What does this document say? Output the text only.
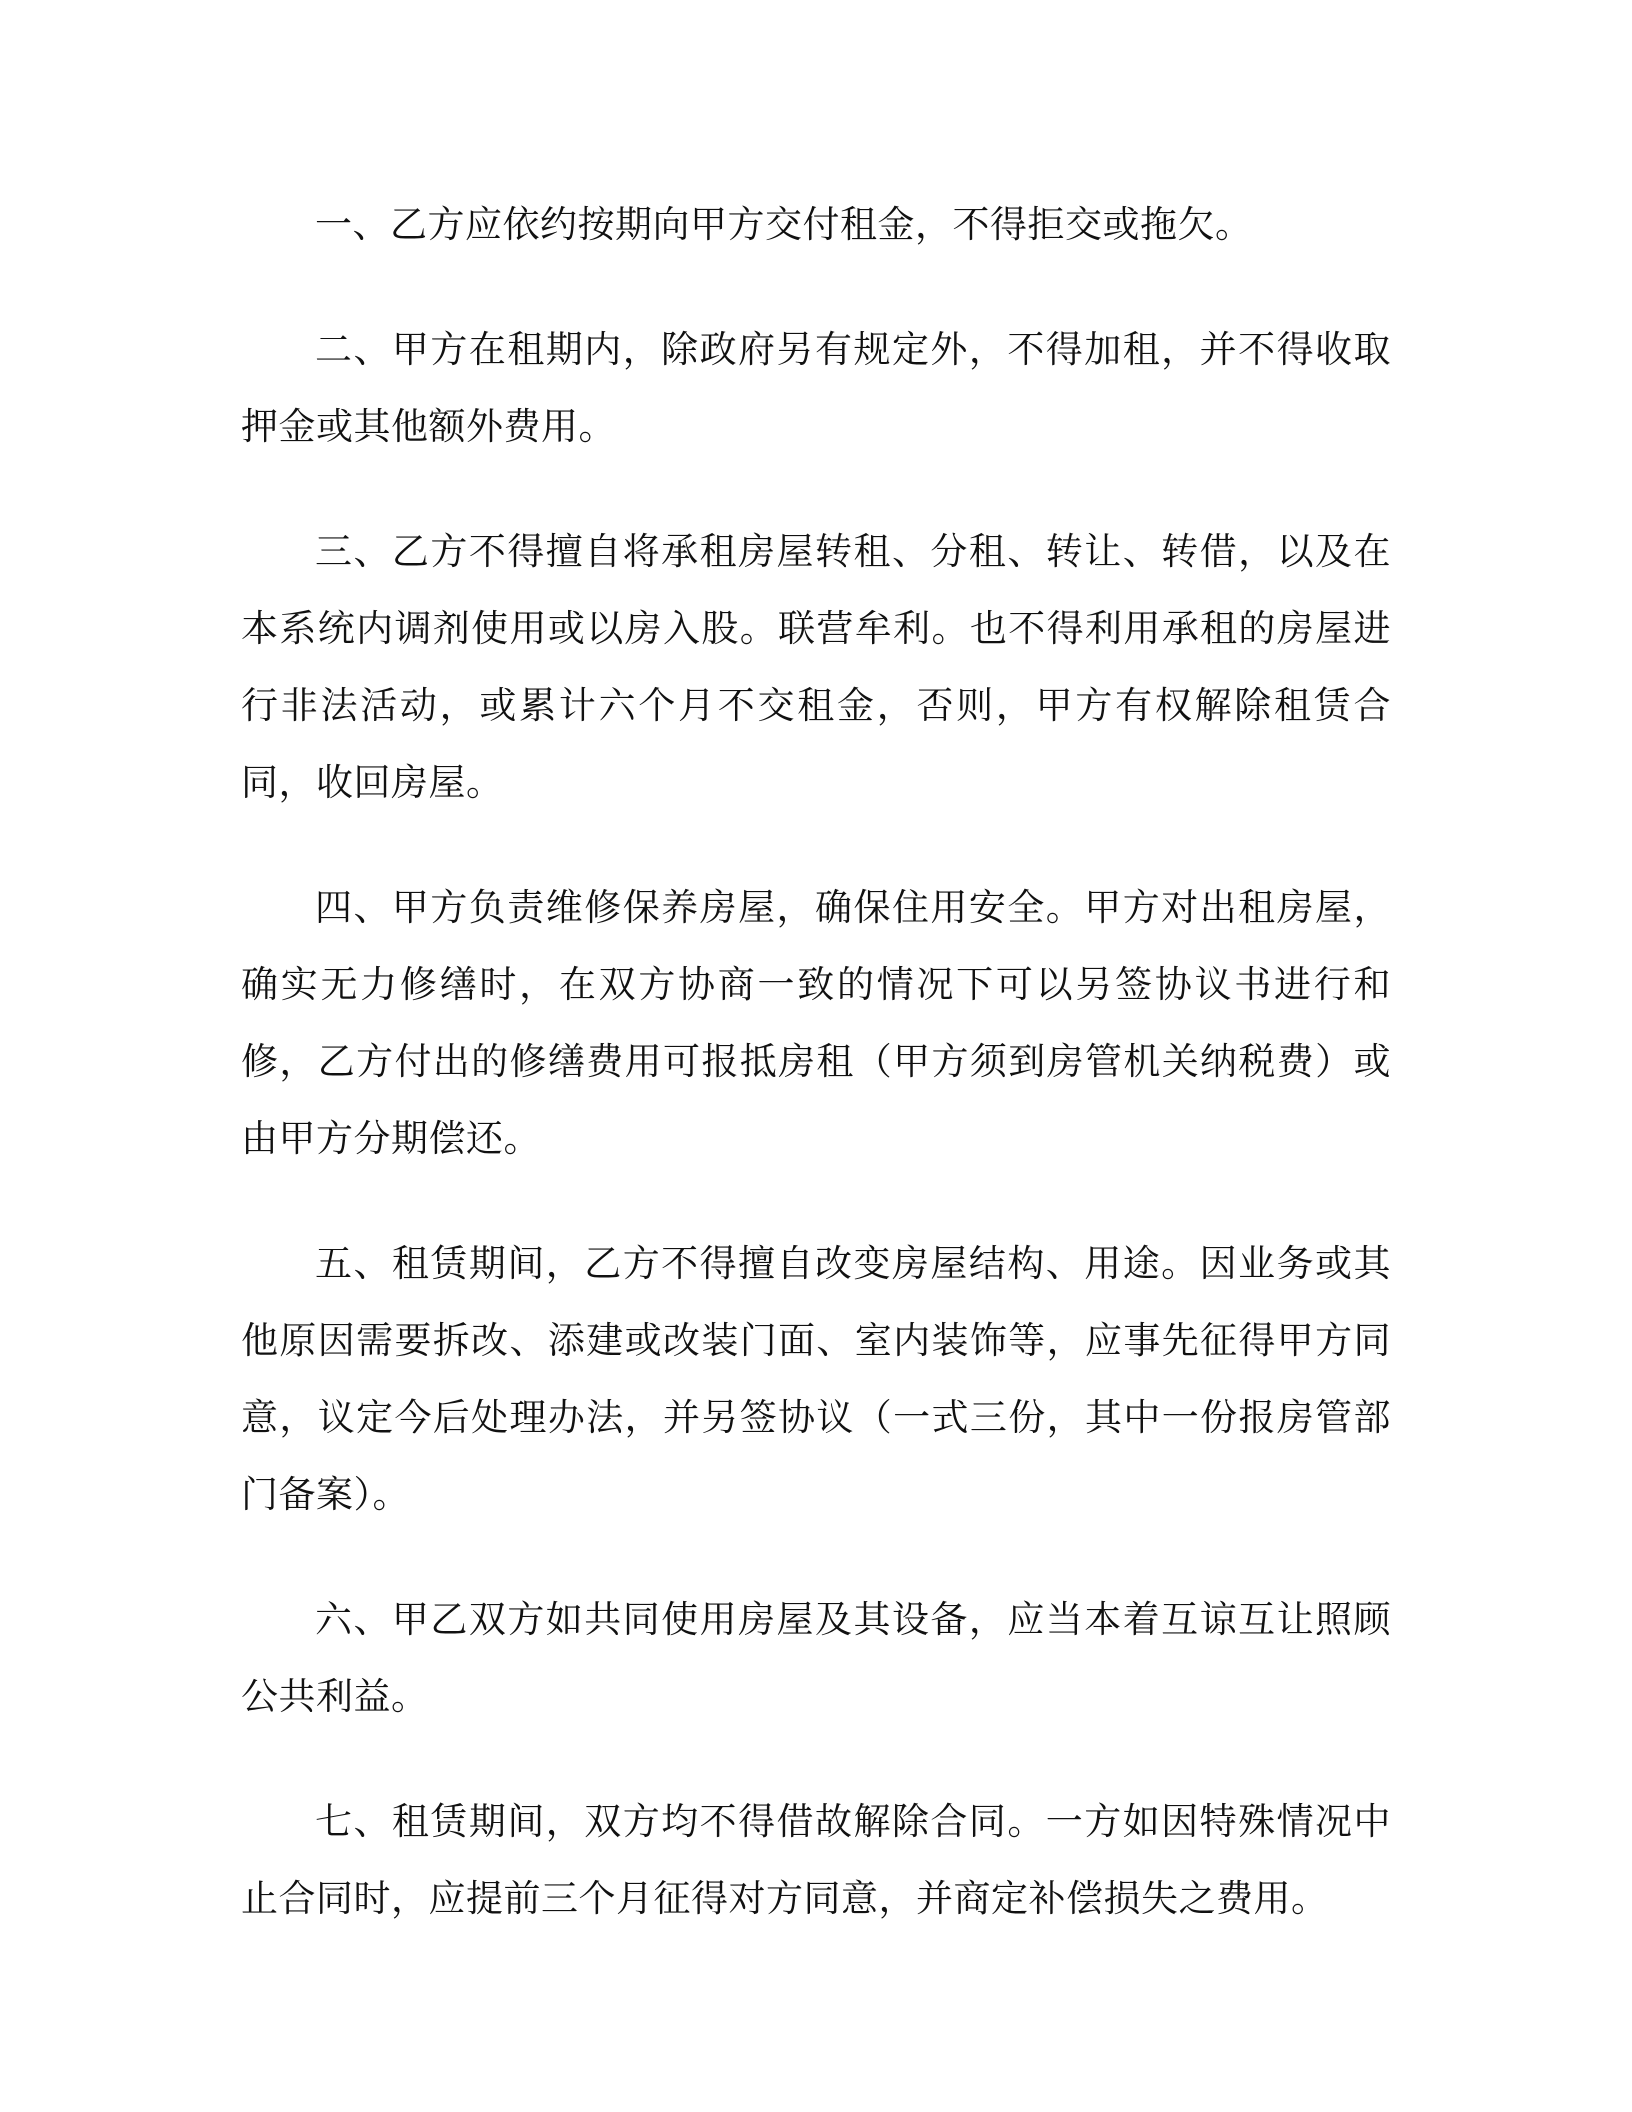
一、乙方应依约按期向甲方交付租金，不得拒交或拖欠。

二、甲方在租期内，除政府另有规定外，不得加租，并不得收取押金或其他额外费用。

三、乙方不得擅自将承租房屋转租、分租、转让、转借，以及在本系统内调剂使用或以房入股。联营牟利。也不得利用承租的房屋进行非法活动，或累计六个月不交租金，否则，甲方有权解除租赁合同，收回房屋。

四、甲方负责维修保养房屋，确保住用安全。甲方对出租房屋，确实无力修缮时，在双方协商一致的情况下可以另签协议书进行和修，乙方付出的修缮费用可报抵房租（甲方须到房管机关纳税费）或由甲方分期偿还。

五、租赁期间，乙方不得擅自改变房屋结构、用途。因业务或其他原因需要拆改、添建或改装门面、室内装饰等，应事先征得甲方同意，议定今后处理办法，并另签协议（一式三份，其中一份报房管部门备案）。

六、甲乙双方如共同使用房屋及其设备，应当本着互谅互让照顾公共利益。

七、租赁期间，双方均不得借故解除合同。一方如因特殊情况中止合同时，应提前三个月征得对方同意，并商定补偿损失之费用。
